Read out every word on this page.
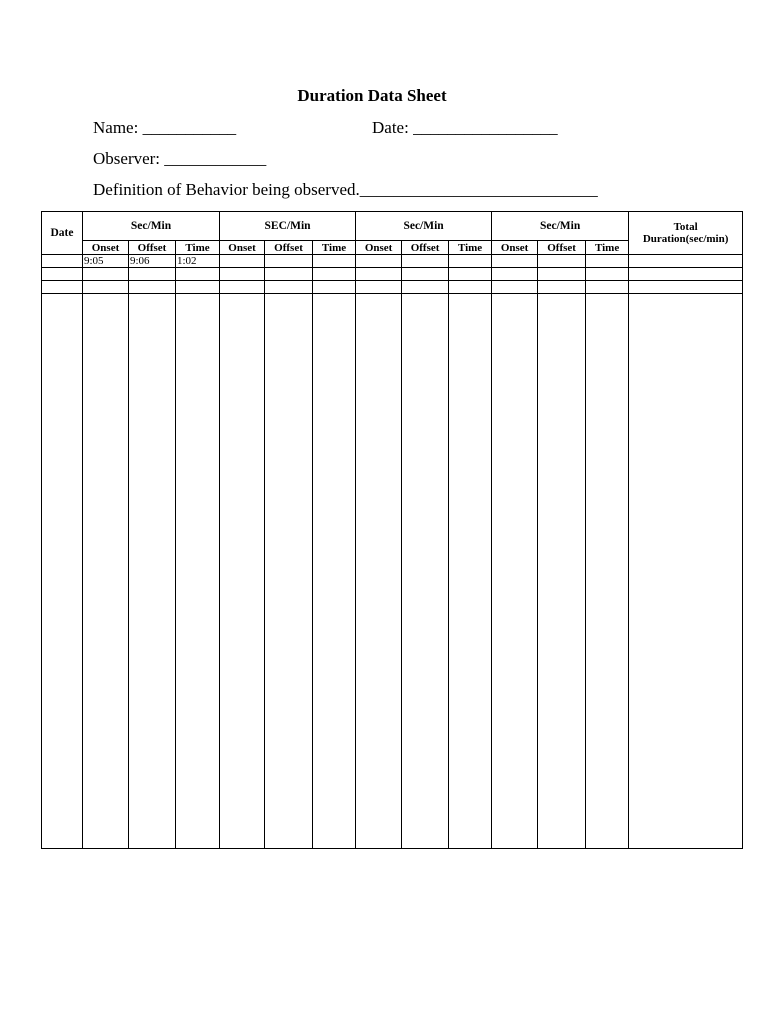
Duration Data Sheet
Name: ___________	Date: _________________
Observer: ____________
Definition of Behavior being observed.____________________________
Date	Sec/Min			SEC/Min			Sec/Min			Sec/Min			Total Duration(sec/min)
	Onset	Offset	Time	Onset	Offset	Time	Onset	Offset	Time	Onset	Offset	Time	
	9:05	9:06	1:02										
